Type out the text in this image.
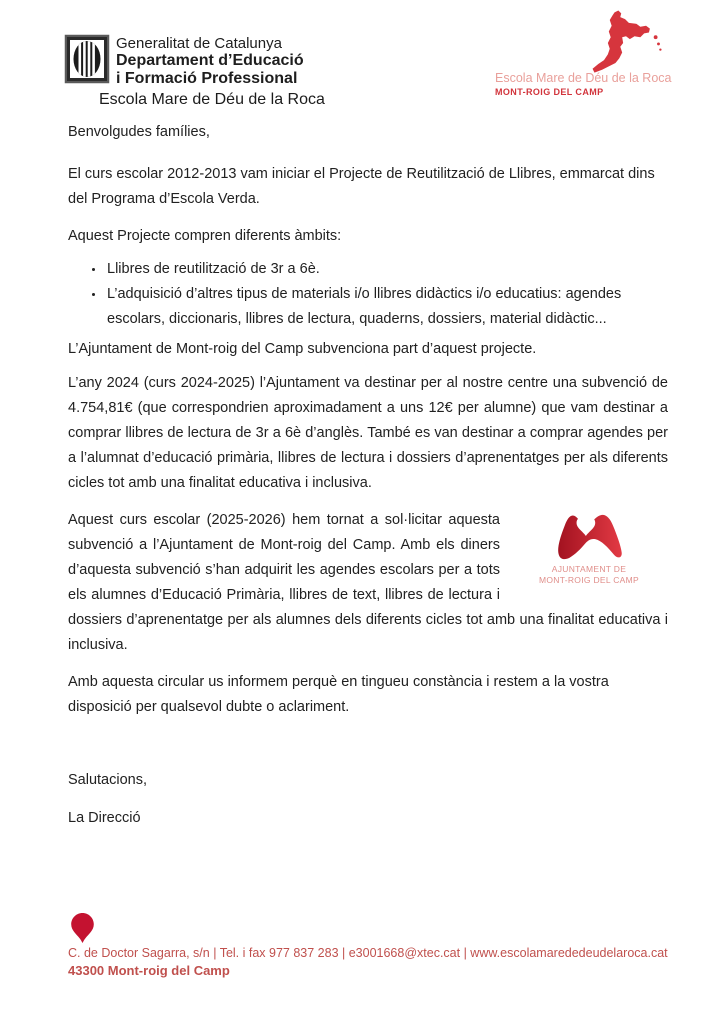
Generalitat de Catalunya
Departament d’Educació
i Formació Professional
Escola Mare de Déu de la Roca
Escola Mare de Déu de la Roca
MONT-ROIG DEL CAMP

Benvolgudes famílies,

El curs escolar 2012-2013 vam iniciar el Projecte de Reutilització de Llibres, emmarcat dins del Programa d’Escola Verda.

Aquest Projecte compren diferents àmbits:

• Llibres de reutilització de 3r a 6è.
• L’adquisició d’altres tipus de materials i/o llibres didàctics i/o educatius: agendes escolars, diccionaris, llibres de lectura, quaderns, dossiers, material didàctic...

L’Ajuntament de Mont-roig del Camp subvenciona part d’aquest projecte.

L’any 2024 (curs 2024-2025) l’Ajuntament va destinar per al nostre centre una subvenció de 4.754,81€ (que correspondrien aproximadament a uns 12€ per alumne) que vam destinar a comprar llibres de lectura de 3r a 6è d’anglès. També es van destinar a comprar agendes per a l’alumnat d’educació primària, llibres de lectura i dossiers d’aprenentatges per als diferents cicles tot amb una finalitat educativa i inclusiva.

AJUNTAMENT DE
MONT-ROIG DEL CAMP
Aquest curs escolar (2025-2026) hem tornat a sol·licitar aquesta subvenció a l’Ajuntament de Mont-roig del Camp. Amb els diners d’aquesta subvenció s’han adquirit les agendes escolars per a tots els alumnes d’Educació Primària, llibres de text, llibres de lectura i dossiers d’aprenentatge per als alumnes dels diferents cicles tot amb una finalitat educativa i inclusiva.

Amb aquesta circular us informem perquè en tingueu constància i restem a la vostra disposició per qualsevol dubte o aclariment.

Salutacions,

La Direcció

C. de Doctor Sagarra, s/n | Tel. i fax 977 837 283 | e3001668@xtec.cat | www.escolamarededeudelaroca.cat
43300 Mont-roig del Camp
